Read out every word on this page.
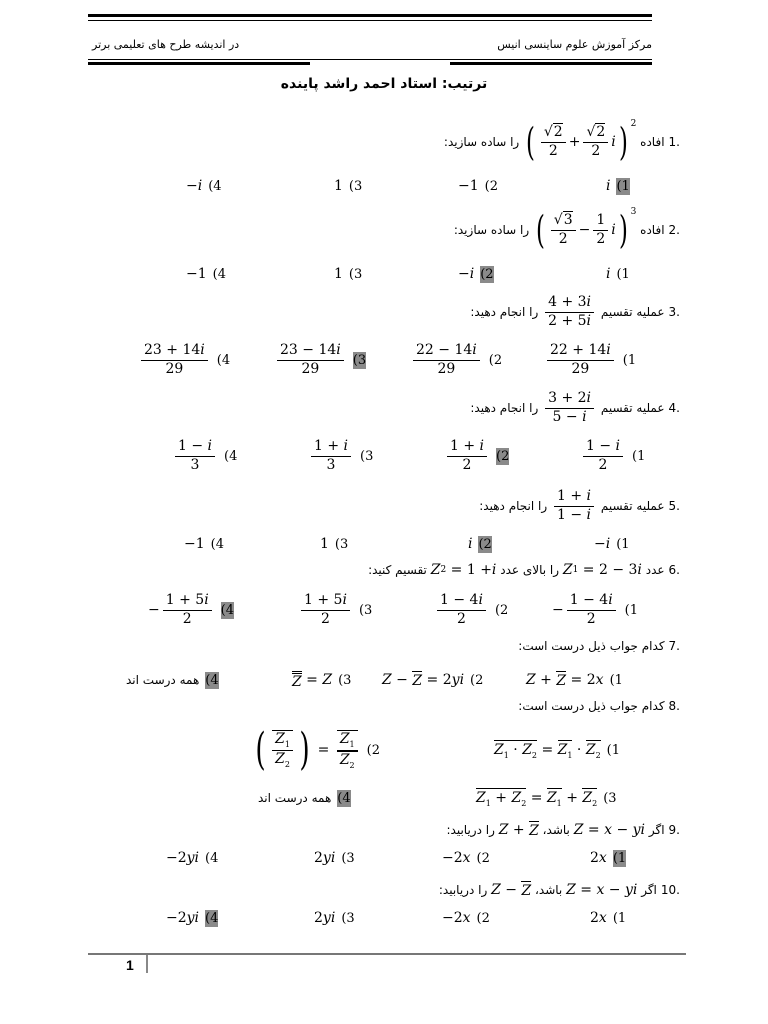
مرکز آموزش علوم ساینسی انیس
در اندیشه طرح های تعلیمی برتر
ترتیب: استاد احمد راشد پاینده
.1
افاده

( $\frac{√2}{2} + \frac{√2}{2}$ i ) 2

را ساده سازید:
i (1
−1 (2
1 (3
− i (4
.2
افاده

( $\frac{√3}{2} - \frac{1}{2}$ i ) 3

را ساده سازید:
i (1
− i (2
1 (3
−1 (4
.3
عملیه تقسیم

$\frac{4 + 3i}{2 + 5i}$

را انجام دهید:
$\frac{22 + 14i}{29} (1$
$\frac{22 - 14i}{29} (2$
$\frac{23 - 14i}{29} (3$
$\frac{23 + 14i}{29} (4$
.4
عملیه تقسیم

$\frac{3 + 2i}{5 - i}$

را انجام دهید:
$\frac{1 - i}{2} (1$
$\frac{1 + i}{2} (2$
$\frac{1 + i}{3} (3$
$\frac{1 - i}{3} (4$
.5
عملیه تقسیم

$\frac{1 + i}{1 - i}$

را انجام دهید:
− i (1
i (2
1 (3
−1 (4
.6
عدد

Z 1 = 2 − 3 i

را بالای عدد

Z 2 = 1 + i

تقسیم کنید:
− $\frac{1 - 4i}{2} (1$
$\frac{1 - 4i}{2} (2$
$\frac{1 + 5i}{2} (3$
− $\frac{1 + 5i}{2} (4$
.7
کدام جواب ذیل درست است:
Z + Z = 2 x (1
Z − Z = 2 yi (2
Z = Z (3
همه درست اند (4
.8
کدام جواب ذیل درست است:
$Z_1 \cdot Z_2 = Z_1 \cdot Z_2$ (1
( $\frac{Z_1}{Z_2}$ ) = $\frac{Z_1}{Z_2} (2$
$Z_1 + Z_2 = Z_1 + Z_2$ (3
همه درست اند (4
.9
اگر

Z = x − yi

باشد،

Z + Z

را دریابید:
2 x (1
−2 x (2
2 yi (3
−2 yi (4
.10
اگر

Z = x − yi

باشد،

Z − Z

را دریابید:
2 x (1
−2 x (2
2 yi (3
−2 yi (4
1
